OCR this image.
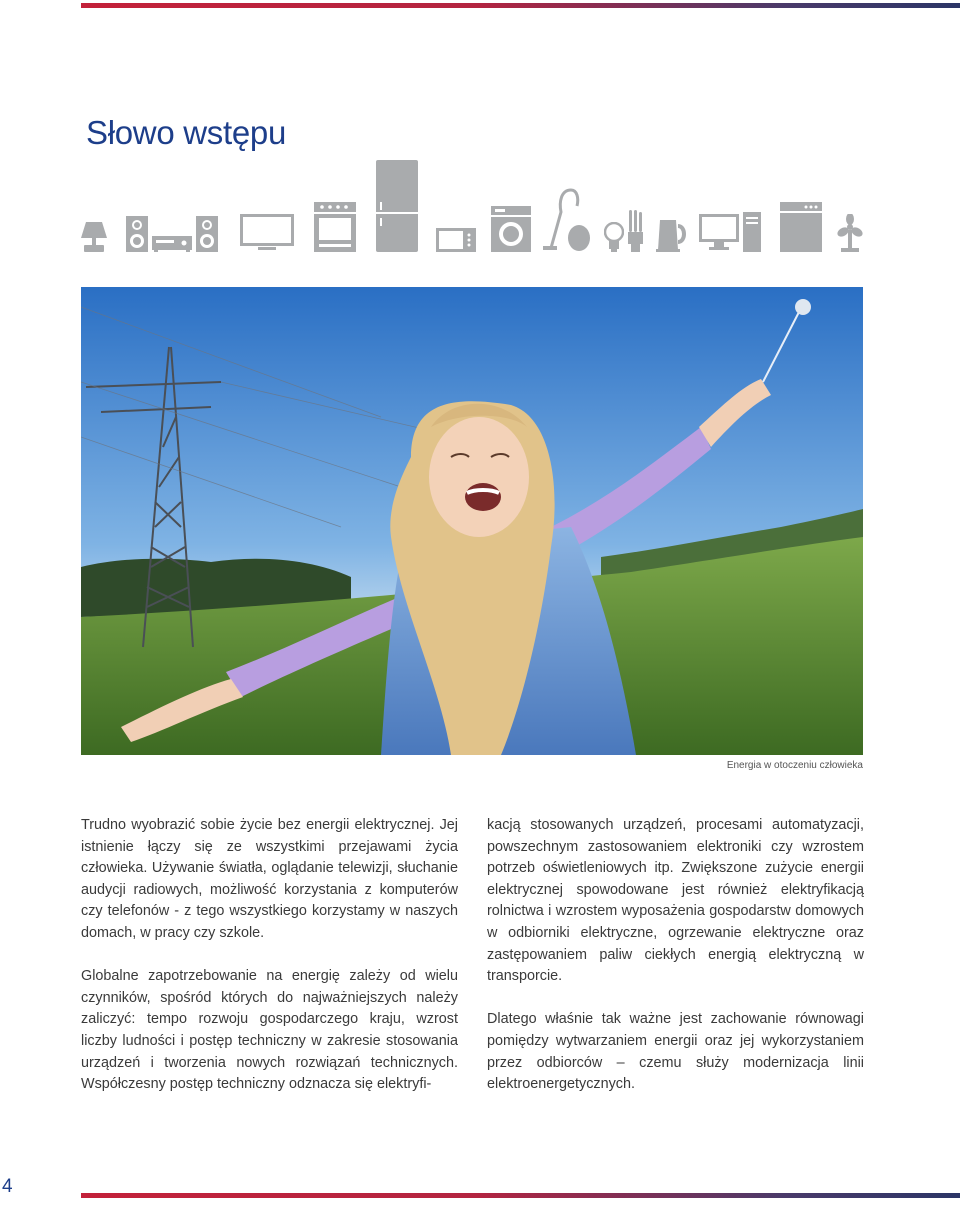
Słowo wstępu
Energia w otoczeniu człowieka

Trudno wyobrazić sobie życie bez energii elektrycznej. Jej istnienie łączy się ze wszystkimi przejawami życia człowieka. Używanie światła, oglądanie telewizji, słuchanie audycji radiowych, możliwość korzystania z komputerów czy telefonów - z tego wszystkiego korzystamy w naszych domach, w pracy czy szkole.

Globalne zapotrzebowanie na energię zależy od wielu czynników, spośród których do najważniejszych należy zaliczyć: tempo rozwoju gospodarczego kraju, wzrost liczby ludności i postęp techniczny w zakresie stosowania urządzeń i tworzenia nowych rozwiązań technicznych. Współczesny postęp techniczny odznacza się elektryfi-

kacją stosowanych urządzeń, procesami automatyzacji, powszechnym zastosowaniem elektroniki czy wzrostem potrzeb oświetleniowych itp. Zwiększone zużycie energii elektrycznej spowodowane jest również elektryfikacją rolnictwa i wzrostem wyposażenia gospodarstw domowych w odbiorniki elektryczne, ogrzewanie elektryczne oraz zastępowaniem paliw ciekłych energią elektryczną w transporcie.

Dlatego właśnie tak ważne jest zachowanie równowagi pomiędzy wytwarzaniem energii oraz jej wykorzystaniem przez odbiorców – czemu służy modernizacja linii elektroenergetycznych.

4
